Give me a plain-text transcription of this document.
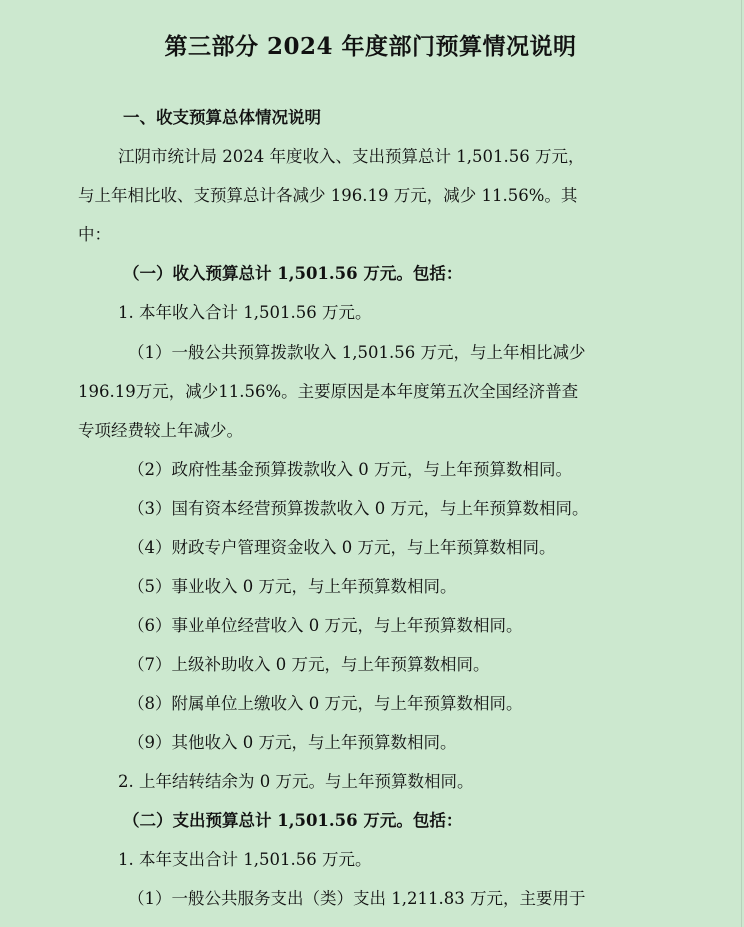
第三部分 2024 年度部门预算情况说明
一、收支预算总体情况说明
江阴市统计局 2024 年度收入、支出预算总计 1,501.56 万元，
与上年相比收、支预算总计各减少 196.19 万元，减少 11.56%。其
中：
（一）收入预算总计 1,501.56 万元。包括：
1. 本年收入合计 1,501.56 万元。
（1）一般公共预算拨款收入 1,501.56 万元，与上年相比减少
196.19万元，减少11.56%。主要原因是本年度第五次全国经济普查
专项经费较上年减少。
（2）政府性基金预算拨款收入 0 万元，与上年预算数相同。
（3）国有资本经营预算拨款收入 0 万元，与上年预算数相同。
（4）财政专户管理资金收入 0 万元，与上年预算数相同。
（5）事业收入 0 万元，与上年预算数相同。
（6）事业单位经营收入 0 万元，与上年预算数相同。
（7）上级补助收入 0 万元，与上年预算数相同。
（8）附属单位上缴收入 0 万元，与上年预算数相同。
（9）其他收入 0 万元，与上年预算数相同。
2. 上年结转结余为 0 万元。与上年预算数相同。
（二）支出预算总计 1,501.56 万元。包括：
1. 本年支出合计 1,501.56 万元。
（1）一般公共服务支出（类）支出 1,211.83 万元，主要用于
